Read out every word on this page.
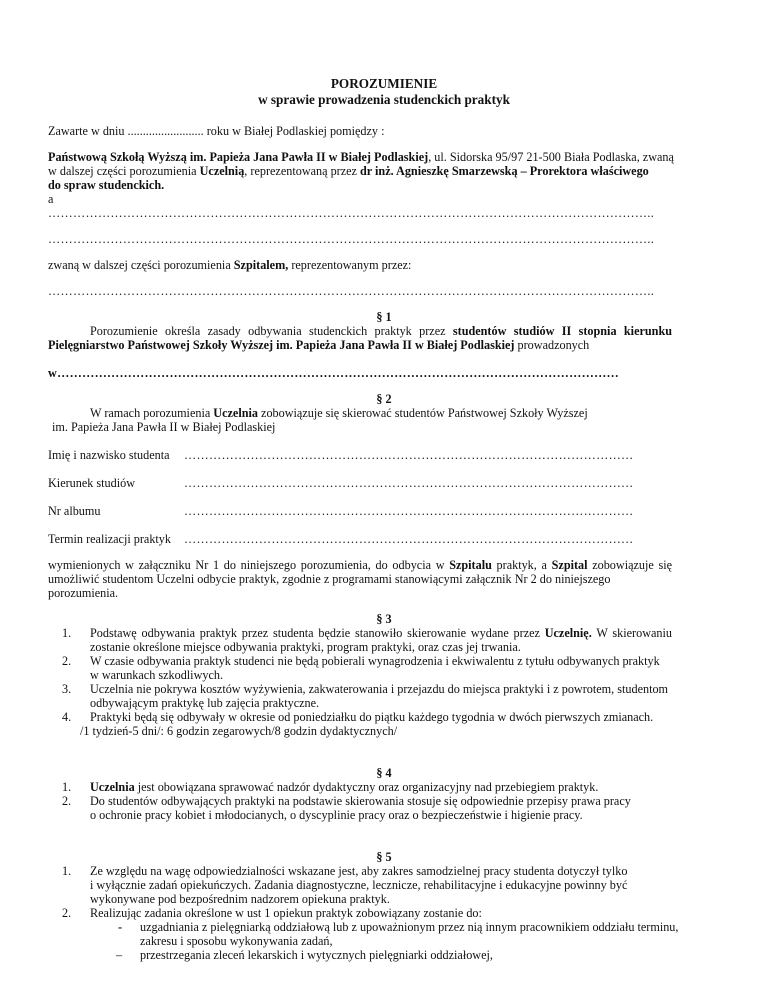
POROZUMIENIE
w sprawie prowadzenia studenckich praktyk
Zawarte w dniu ......................... roku w Białej Podlaskiej pomiędzy :
Państwową Szkołą Wyższą im. Papieża Jana Pawła II w Białej Podlaskiej, ul. Sidorska 95/97 21-500 Biała Podlaska, zwaną
w dalszej części porozumienia Uczelnią, reprezentowaną przez dr inż. Agnieszkę Smarzewską – Prorektora właściwego
do spraw studenckich.
a
………………………………………………………………………………………………………………………………..
………………………………………………………………………………………………………………………………..
zwaną w dalszej części porozumienia Szpitalem, reprezentowanym przez:
………………………………………………………………………………………………………………………………..
§ 1
Porozumienie określa zasady odbywania studenckich praktyk przez studentów studiów II stopnia kierunku
Pielęgniarstwo Państwowej Szkoły Wyższej im. Papieża Jana Pawła II w Białej Podlaskiej prowadzonych
w………………………………………………………………………………………………………………………
§ 2
W ramach porozumienia Uczelnia zobowiązuje się skierować studentów Państwowej Szkoły Wyższej
im. Papieża Jana Pawła II w Białej Podlaskiej
Imię i nazwisko studenta ………………………………………………………………………………………………
Kierunek studiów	………………………………………………………………………………………………
Nr albumu	………………………………………………………………………………………………
Termin realizacji praktyk ………………………………………………………………………………………………
wymienionych w załączniku Nr 1 do niniejszego porozumienia, do odbycia w Szpitalu praktyk, a Szpital zobowiązuje się
umożliwić studentom Uczelni odbycie praktyk, zgodnie z programami stanowiącymi załącznik Nr 2 do niniejszego
porozumienia.
§ 3
1. Podstawę odbywania praktyk przez studenta będzie stanowiło skierowanie wydane przez Uczelnię. W skierowaniu
zostanie określone miejsce odbywania praktyki, program praktyki, oraz czas jej trwania.
2. W czasie odbywania praktyk studenci nie będą pobierali wynagrodzenia i ekwiwalentu z tytułu odbywanych praktyk
w warunkach szkodliwych.
3. Uczelnia nie pokrywa kosztów wyżywienia, zakwaterowania i przejazdu do miejsca praktyki i z powrotem, studentom
odbywającym praktykę lub zajęcia praktyczne.
4. Praktyki będą się odbywały w okresie od poniedziałku do piątku każdego tygodnia w dwóch pierwszych zmianach.
/1 tydzień-5 dni/: 6 godzin zegarowych/8 godzin dydaktycznych/
§ 4
1. Uczelnia jest obowiązana sprawować nadzór dydaktyczny oraz organizacyjny nad przebiegiem praktyk.
2. Do studentów odbywających praktyki na podstawie skierowania stosuje się odpowiednie przepisy prawa pracy
o ochronie pracy kobiet i młodocianych, o dyscyplinie pracy oraz o bezpieczeństwie i higienie pracy.
§ 5
1. Ze względu na wagę odpowiedzialności wskazane jest, aby zakres samodzielnej pracy studenta dotyczył tylko
i wyłącznie zadań opiekuńczych. Zadania diagnostyczne, lecznicze, rehabilitacyjne i edukacyjne powinny być
wykonywane pod bezpośrednim nadzorem opiekuna praktyk.
2. Realizując zadania określone w ust 1 opiekun praktyk zobowiązany zostanie do:
- uzgadniania z pielęgniarką oddziałową lub z upoważnionym przez nią innym pracownikiem oddziału terminu,
zakresu i sposobu wykonywania zadań,
– przestrzegania zleceń lekarskich i wytycznych pielęgniarki oddziałowej,
